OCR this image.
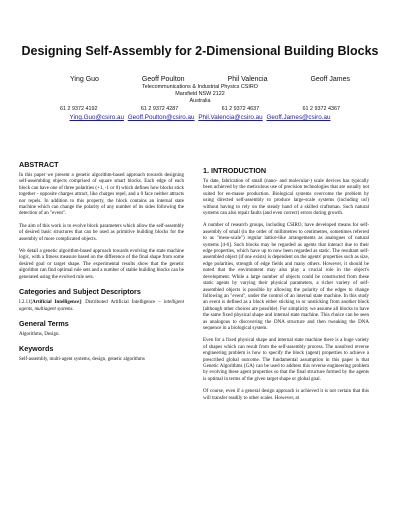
Designing Self-Assembly for 2-Dimensional Building Blocks
Ying Guo	Geoff Poulton	Phil Valencia	Geoff James
Telecommunications & Industrial Physics CSIRO
Marsfield NSW 2122
Australia
61 2 9372 4192	61 2 9372 4287	61 2 9372 4637	61 2 9372 4367
Ying.Guo@csiro.au Geoff.Poulton@csiro.au Phil.Valencia@csiro.au Geoff.James@csiro.au
ABSTRACT

In this paper we present a genetic algorithm-based approach towards designing self-assembling objects comprised of square smart blocks. Each edge of each block can have one of three polarities (+1, -1 or 0) which defines how blocks stick together - opposite charges attract, like charges repel, and a 0 face neither attracts nor repels. In addition to this property, the block contains an internal state machine which can change the polarity of any number of its sides following the detection of an "event".

The aim of this work is to evolve block parameters which allow the self-assembly of desired basic structures that can be used as primitive building blocks for the assembly of more complicated objects.

We detail a genetic algorithm-based approach towards evolving the state machine logic, with a fitness measure based on the difference of the final shape from some desired goal or target shape. The experimental results show that the genetic algorithm can find optimal rule sets and a number of stable building blocks can be generated using the evolved rule sets.

Categories and Subject Descriptors
I.2.11[Artificial Intelligence]: Distributed Artificial Intelligence – intelligent agents, multiagent systems.
General Terms

Algorithms, Design.

Keywords

Self-assembly, multi-agent systems, design, genetic algorithms

1. INTRODUCTION

To date, fabrication of small (nano- and molecular-) scale devices has typically been achieved by the meticulous use of precision technologies that are usually not suited for en-masse production. Biological systems overcome the problem by using directed self-assembly to produce large-scale systems (including us!) without having to rely on the steady hand of a skilled craftsman. Such natural systems can also repair faults (and even correct) errors during growth.

A number of research groups, including CSIRO, have developed means for self-assembly of small (in the order of millimetres to centimetres, sometimes referred to as "meso-scale") regular lattice-like arrangements as analogues of natural systems [4-6]. Such blocks may be regarded as agents that interact due to their edge properties, which have up to now been regarded as static. The resultant self-assembled object (if one exists) is dependent on the agents' properties such as size, edge polarities, strength of edge fields and many others. However, it should be noted that the environment may also play a crucial role in the object's development. While a large number of objects could be constructed from these static agents by varying their physical parameters, a richer variety of self-assembled objects is possible by allowing the polarity of the edges to change following an "event", under the control of an internal state machine. In this study an event is defined as a block either sticking to or unsticking from another block (although other choices are possible). For simplicity we assume all blocks to have the same fixed physical shape and internal state machine. This choice can be seen as analogous to discovering the DNA structure and then tweaking the DNA sequence in a biological system.

Even for a fixed physical shape and internal state machine there is a huge variety of shapes which can result from the self-assembly process. The unsolved reverse engineering problem is how to specify the block (agent) properties to achieve a prescribed global outcome. The fundamental assumption in this paper is that Genetic Algorithms (GA) can be used to address this reverse engineering problem by evolving these agent properties so that the final structure formed by the agents is optimal in terms of the given target shape or global goal.

Of course, even if a general design approach is achieved it is not certain that this will transfer readily to other scales. However, at
